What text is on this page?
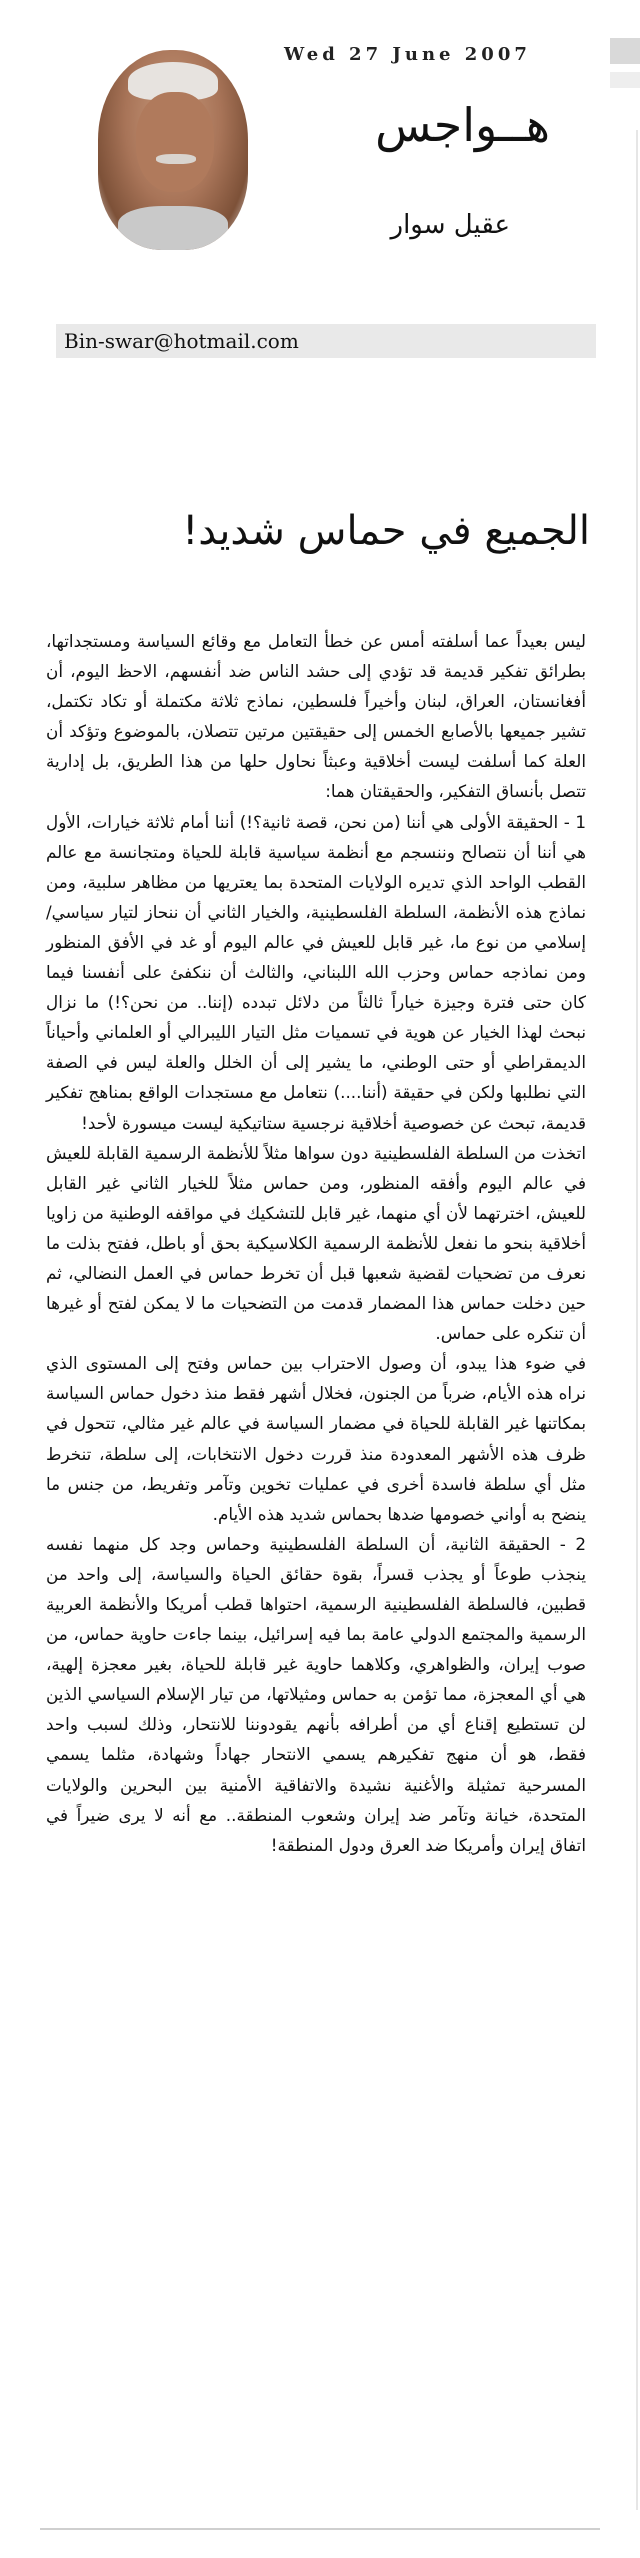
Wed 27 June 2007
هــواجس
عقيل سوار
Bin-swar@hotmail.com
الجميع في حماس شديد!

ليس بعيداً عما أسلفته أمس عن خطأ التعامل مع وقائع السياسة ومستجداتها، بطرائق تفكير قديمة قد تؤدي إلى حشد الناس ضد أنفسهم، الاحظ اليوم، أن أفغانستان، العراق، لبنان وأخيراً فلسطين، نماذج ثلاثة مكتملة أو تكاد تكتمل، تشير جميعها بالأصابع الخمس إلى حقيقتين مرتين تتصلان، بالموضوع وتؤكد أن العلة كما أسلفت ليست أخلاقية وعبثاً نحاول حلها من هذا الطريق، بل إدارية تتصل بأنساق التفكير، والحقيقتان هما:

1 - الحقيقة الأولى هي أننا (من نحن، قصة ثانية؟!) أننا أمام ثلاثة خيارات، الأول هي أننا أن نتصالح وننسجم مع أنظمة سياسية قابلة للحياة ومتجانسة مع عالم القطب الواحد الذي تديره الولايات المتحدة بما يعتريها من مظاهر سلبية، ومن نماذج هذه الأنظمة، السلطة الفلسطينية، والخيار الثاني أن ننحاز لتيار سياسي/ إسلامي من نوع ما، غير قابل للعيش في عالم اليوم أو غد في الأفق المنظور ومن نماذجه حماس وحزب الله اللبناني، والثالث أن ننكفئ على أنفسنا فيما كان حتى فترة وجيزة خياراً ثالثاً من دلائل تبدده (إننا.. من نحن؟!) ما نزال نبحث لهذا الخيار عن هوية في تسميات مثل التيار الليبرالي أو العلماني وأحياناً الديمقراطي أو حتى الوطني، ما يشير إلى أن الخلل والعلة ليس في الصفة التي نطلبها ولكن في حقيقة (أننا....) نتعامل مع مستجدات الواقع بمناهج تفكير قديمة، تبحث عن خصوصية أخلاقية نرجسية ستاتيكية ليست ميسورة لأحد!

اتخذت من السلطة الفلسطينية دون سواها مثلاً للأنظمة الرسمية القابلة للعيش في عالم اليوم وأفقه المنظور، ومن حماس مثلاً للخيار الثاني غير القابل للعيش، اخترتهما لأن أي منهما، غير قابل للتشكيك في مواقفه الوطنية من زاويا أخلاقية بنحو ما نفعل للأنظمة الرسمية الكلاسيكية بحق أو باطل، ففتح بذلت ما نعرف من تضحيات لقضية شعبها قبل أن تخرط حماس في العمل النضالي، ثم حين دخلت حماس هذا المضمار قدمت من التضحيات ما لا يمكن لفتح أو غيرها أن تنكره على حماس.

في ضوء هذا يبدو، أن وصول الاحتراب بين حماس وفتح إلى المستوى الذي نراه هذه الأيام، ضرباً من الجنون، فخلال أشهر فقط منذ دخول حماس السياسة بمكاتنها غير القابلة للحياة في مضمار السياسة في عالم غير مثالي، تتحول في ظرف هذه الأشهر المعدودة منذ قررت دخول الانتخابات، إلى سلطة، تنخرط مثل أي سلطة فاسدة أخرى في عمليات تخوين وتآمر وتفريط، من جنس ما ينضح به أواني خصومها ضدها بحماس شديد هذه الأيام.

2 - الحقيقة الثانية، أن السلطة الفلسطينية وحماس وجد كل منهما نفسه ينجذب طوعاً أو يجذب قسراً، بقوة حقائق الحياة والسياسة، إلى واحد من قطبين، فالسلطة الفلسطينية الرسمية، احتواها قطب أمريكا والأنظمة العربية الرسمية والمجتمع الدولي عامة بما فيه إسرائيل، بينما جاءت حاوية حماس، من صوب إيران، والظواهري، وكلاهما حاوية غير قابلة للحياة، بغير معجزة إلهية، هي أي المعجزة، مما تؤمن به حماس ومثيلاتها، من تيار الإسلام السياسي الذين لن تستطيع إقناع أي من أطرافه بأنهم يقودوننا للانتحار، وذلك لسبب واحد فقط، هو أن منهج تفكيرهم يسمي الانتحار جهاداً وشهادة، مثلما يسمي المسرحية تمثيلة والأغنية نشيدة والاتفاقية الأمنية بين البحرين والولايات المتحدة، خيانة وتآمر ضد إيران وشعوب المنطقة.. مع أنه لا يرى ضيراً في اتفاق إيران وأمريكا ضد العرق ودول المنطقة!
